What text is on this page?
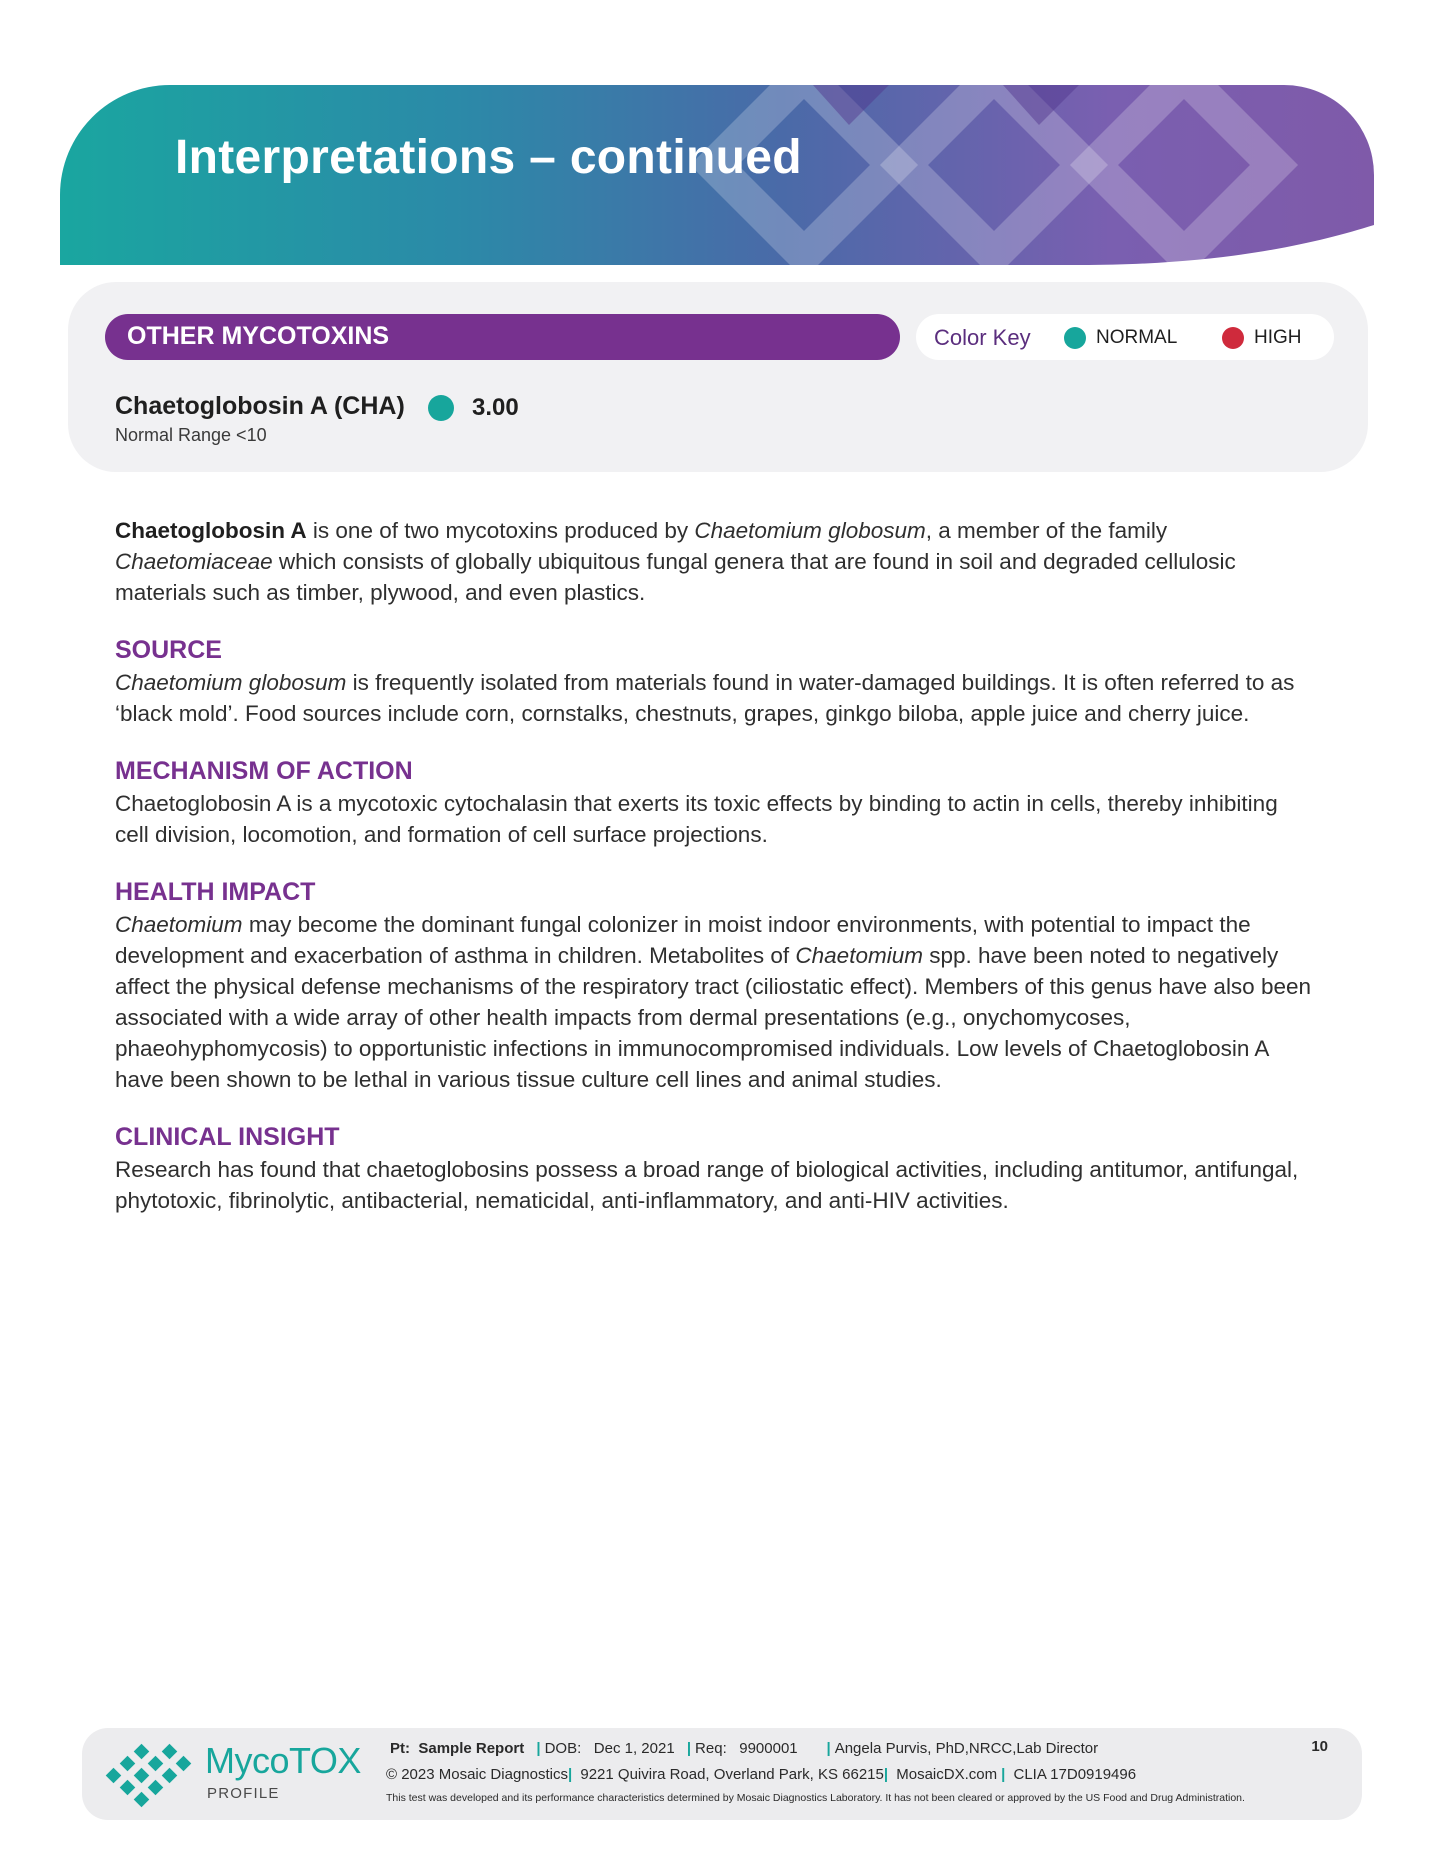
Interpretations – continued
OTHER MYCOTOXINS	Color Key	NORMAL	HIGH
Chaetoglobosin A (CHA)	3.00
Normal Range <10

Chaetoglobosin A is one of two mycotoxins produced by Chaetomium globosum, a member of the family Chaetomiaceae which consists of globally ubiquitous fungal genera that are found in soil and degraded cellulosic materials such as timber, plywood, and even plastics.

SOURCE

Chaetomium globosum is frequently isolated from materials found in water-damaged buildings. It is often referred to as ‘black mold’. Food sources include corn, cornstalks, chestnuts, grapes, ginkgo biloba, apple juice and cherry juice.

MECHANISM OF ACTION

Chaetoglobosin A is a mycotoxic cytochalasin that exerts its toxic effects by binding to actin in cells, thereby inhibiting cell division, locomotion, and formation of cell surface projections.

HEALTH IMPACT

Chaetomium may become the dominant fungal colonizer in moist indoor environments, with potential to impact the development and exacerbation of asthma in children. Metabolites of Chaetomium spp. have been noted to negatively affect the physical defense mechanisms of the respiratory tract (ciliostatic effect). Members of this genus have also been associated with a wide array of other health impacts from dermal presentations (e.g., onychomycoses, phaeohyphomycosis) to opportunistic infections in immunocompromised individuals. Low levels of Chaetoglobosin A have been shown to be lethal in various tissue culture cell lines and animal studies.

CLINICAL INSIGHT

Research has found that chaetoglobosins possess a broad range of biological activities, including antitumor, antifungal, phytotoxic, fibrinolytic, antibacterial, nematicidal, anti-inflammatory, and anti-HIV activities.

MycoTOX
PROFILE
Pt: Sample Report | DOB: Dec 1, 2021 | Req: 9900001 | Angela Purvis, PhD,NRCC,Lab Director
© 2023 Mosaic Diagnostics| 9221 Quivira Road, Overland Park, KS 66215| MosaicDX.com | CLIA 17D0919496
This test was developed and its performance characteristics determined by Mosaic Diagnostics Laboratory. It has not been cleared or approved by the US Food and Drug Administration.
10
